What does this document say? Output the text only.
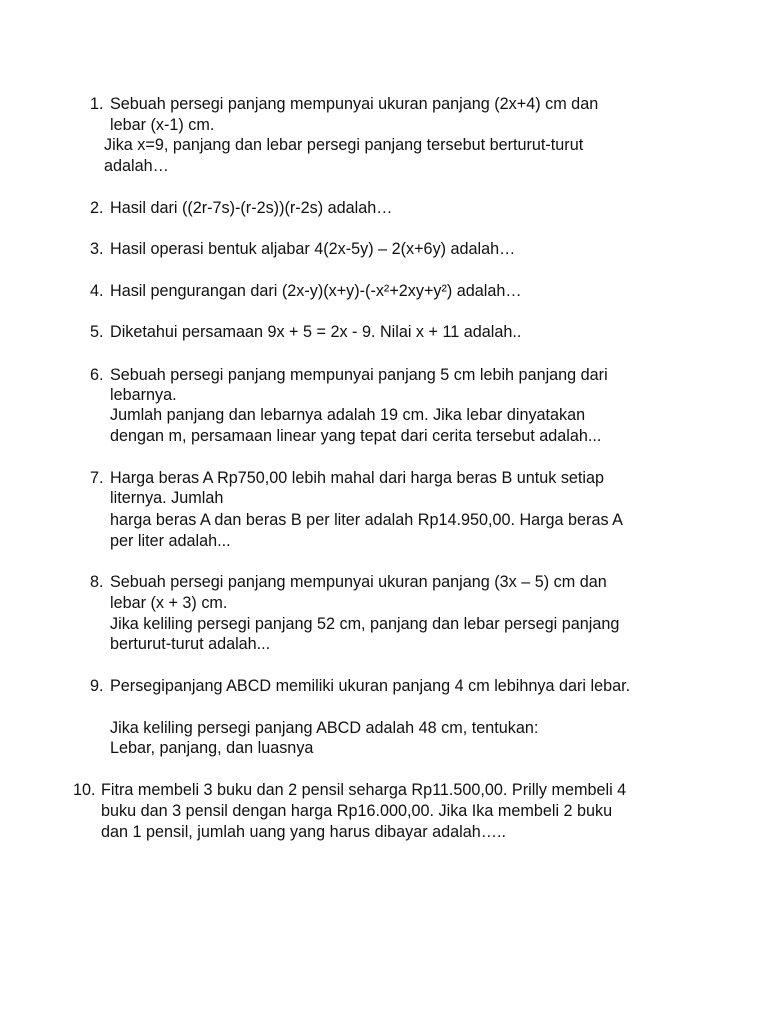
1. Sebuah persegi panjang mempunyai ukuran panjang (2x+4) cm dan
lebar (x-1) cm.
Jika x=9, panjang dan lebar persegi panjang tersebut berturut-turut
adalah…
2. Hasil dari ((2r-7s)-(r-2s))(r-2s) adalah…
3. Hasil operasi bentuk aljabar 4(2x-5y) – 2(x+6y) adalah…
4. Hasil pengurangan dari (2x-y)(x+y)-(-x²+2xy+y²) adalah…
5. Diketahui persamaan 9x + 5 = 2x - 9. Nilai x + 11 adalah..
6. Sebuah persegi panjang mempunyai panjang 5 cm lebih panjang dari
lebarnya.
Jumlah panjang dan lebarnya adalah 19 cm. Jika lebar dinyatakan
dengan m, persamaan linear yang tepat dari cerita tersebut adalah...
7. Harga beras A Rp750,00 lebih mahal dari harga beras B untuk setiap
liternya. Jumlah
harga beras A dan beras B per liter adalah Rp14.950,00. Harga beras A
per liter adalah...
8. Sebuah persegi panjang mempunyai ukuran panjang (3x – 5) cm dan
lebar (x + 3) cm.
Jika keliling persegi panjang 52 cm, panjang dan lebar persegi panjang
berturut-turut adalah...
9. Persegipanjang ABCD memiliki ukuran panjang 4 cm lebihnya dari lebar.
Jika keliling persegi panjang ABCD adalah 48 cm, tentukan:
Lebar, panjang, dan luasnya
10. Fitra membeli 3 buku dan 2 pensil seharga Rp11.500,00. Prilly membeli 4
buku dan 3 pensil dengan harga Rp16.000,00. Jika Ika membeli 2 buku
dan 1 pensil, jumlah uang yang harus dibayar adalah…..
